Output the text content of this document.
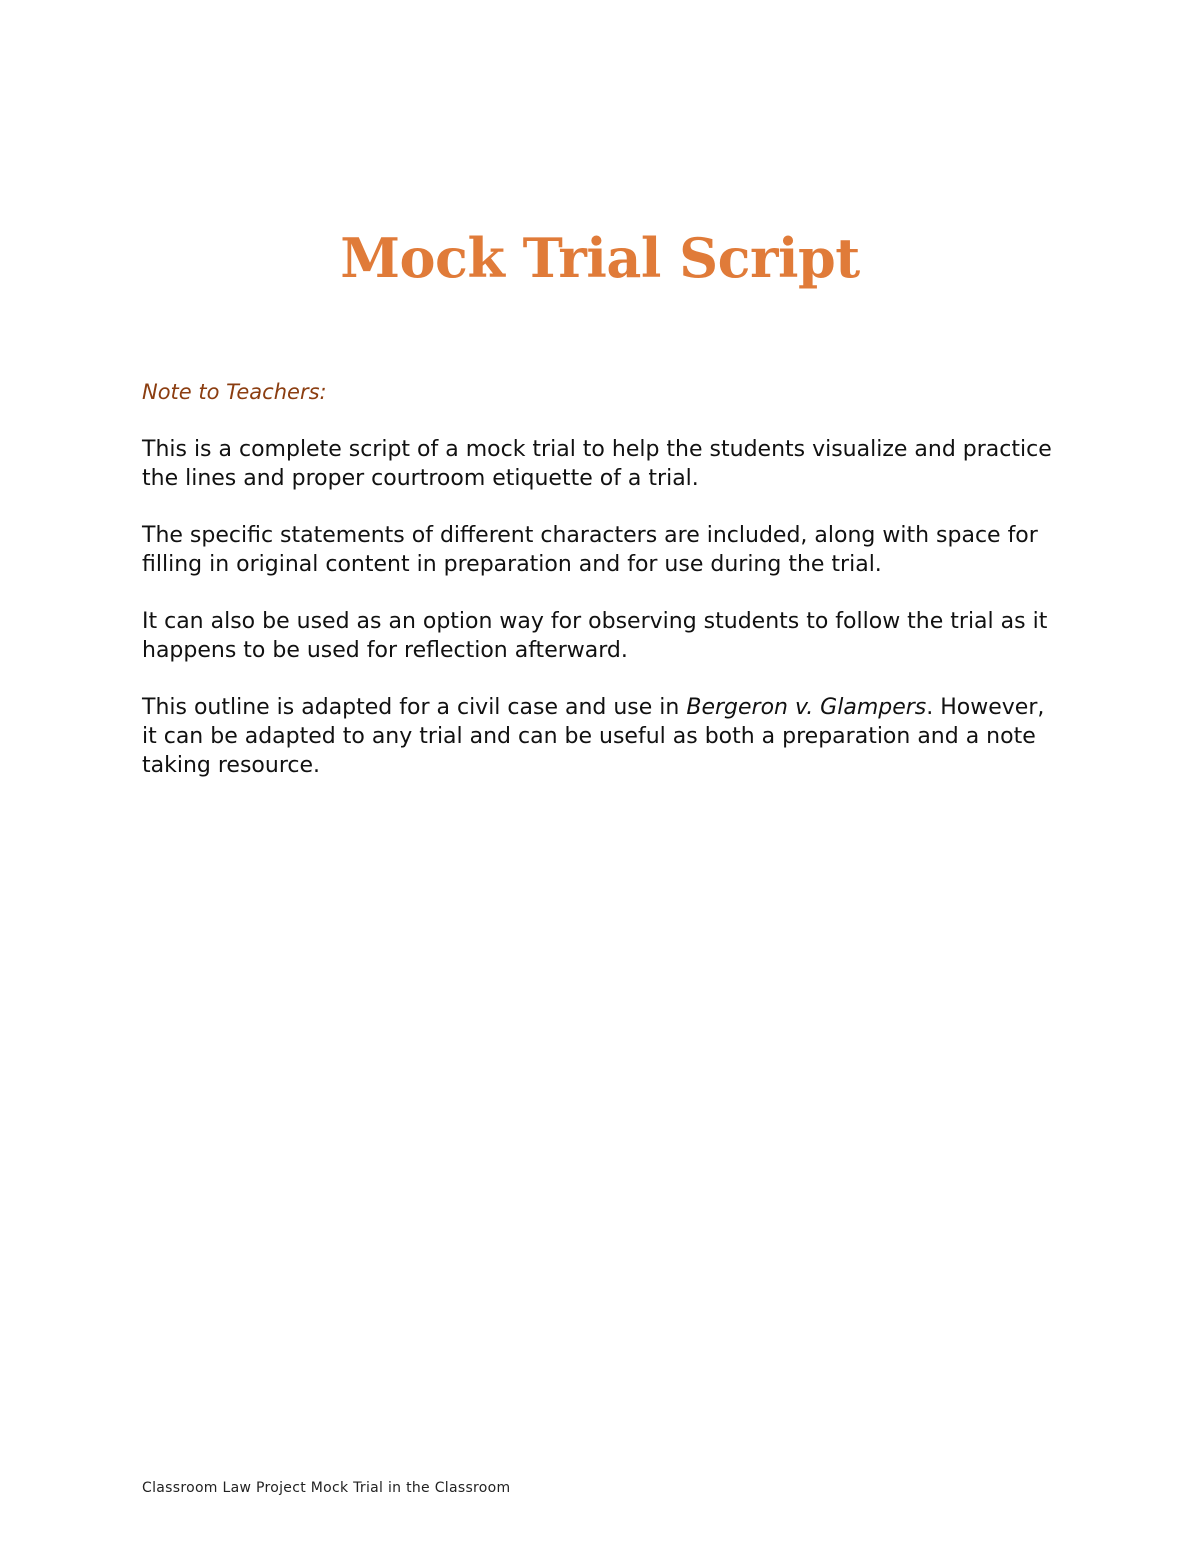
Mock Trial Script

Note to Teachers:

This is a complete script of a mock trial to help the students visualize and practice the lines and proper courtroom etiquette of a trial.

The specific statements of different characters are included, along with space for filling in original content in preparation and for use during the trial.

It can also be used as an option way for observing students to follow the trial as it happens to be used for reflection afterward.

This outline is adapted for a civil case and use in Bergeron v. Glampers. However, it can be adapted to any trial and can be useful as both a preparation and a note taking resource.

Classroom Law Project Mock Trial in the Classroom
